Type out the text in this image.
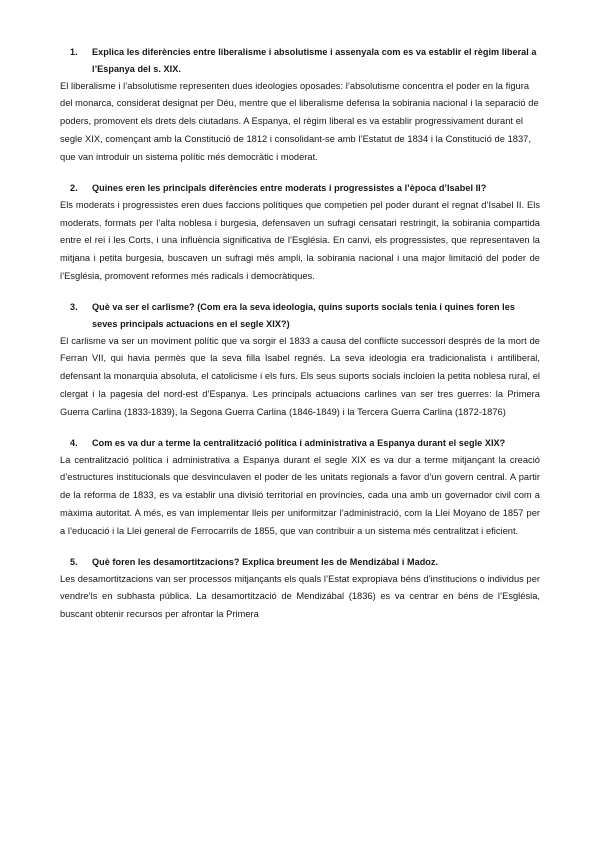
1.	Explica les diferències entre liberalisme i absolutisme i assenyala com es va establir el règim liberal a l’Espanya del s. XIX.

El liberalisme i l’absolutisme representen dues ideologies oposades: l’absolutisme concentra el poder en la figura del monarca, considerat designat per Déu, mentre que el liberalisme defensa la sobirania nacional i la separació de poders, promovent els drets dels ciutadans. A Espanya, el règim liberal es va establir progressivament durant el segle XIX, començant amb la Constitució de 1812 i consolidant-se amb l’Estatut de 1834 i la Constitució de 1837, que van introduir un sistema polític més democràtic i moderat.

2.	Quines eren les principals diferències entre moderats i progressistes a l’època d’Isabel II?

Els moderats i progressistes eren dues faccions polítiques que competien pel poder durant el regnat d’Isabel II. Els moderats, formats per l’alta noblesa i burgesia, defensaven un sufragi censatari restringit, la sobirania compartida entre el rei i les Corts, i una influència significativa de l’Església. En canvi, els progressistes, que representaven la mitjana i petita burgesia, buscaven un sufragi més ampli, la sobirania nacional i una major limitació del poder de l’Església, promovent reformes més radicals i democràtiques.

3.	Què va ser el carlisme? (Com era la seva ideologia, quins suports socials tenia i quines foren les seves principals actuacions en el segle XIX?)

El carlisme va ser un moviment polític que va sorgir el 1833 a causa del conflicte successori després de la mort de Ferran VII, qui havia permès que la seva filla Isabel regnés. La seva ideologia era tradicionalista i antiliberal, defensant la monarquia absoluta, el catolicisme i els furs. Els seus suports socials incloien la petita noblesa rural, el clergat i la pagesia del nord-est d’Espanya. Les principals actuacions carlines van ser tres guerres: la Primera Guerra Carlina (1833-1839), la Segona Guerra Carlina (1846-1849) i la Tercera Guerra Carlina (1872-1876)

4.	Com es va dur a terme la centralització política i administrativa a Espanya durant el segle XIX?

La centralització política i administrativa a Espanya durant el segle XIX es va dur a terme mitjançant la creació d’estructures institucionals que desvinculaven el poder de les unitats regionals a favor d’un govern central. A partir de la reforma de 1833, es va establir una divisió territorial en províncies, cada una amb un governador civil com a màxima autoritat. A més, es van implementar lleis per uniformitzar l’administració, com la Llei Moyano de 1857 per a l’educació i la Llei general de Ferrocarrils de 1855, que van contribuir a un sistema més centralitzat i eficient.

5.	Què foren les desamortitzacions? Explica breument les de Mendizábal i Madoz.

Les desamortitzacions van ser processos mitjançants els quals l’Estat expropiava béns d’institucions o individus per vendre’ls en subhasta pública. La desamortització de Mendizábal (1836) es va centrar en béns de l’Església, buscant obtenir recursos per afrontar la Primera
